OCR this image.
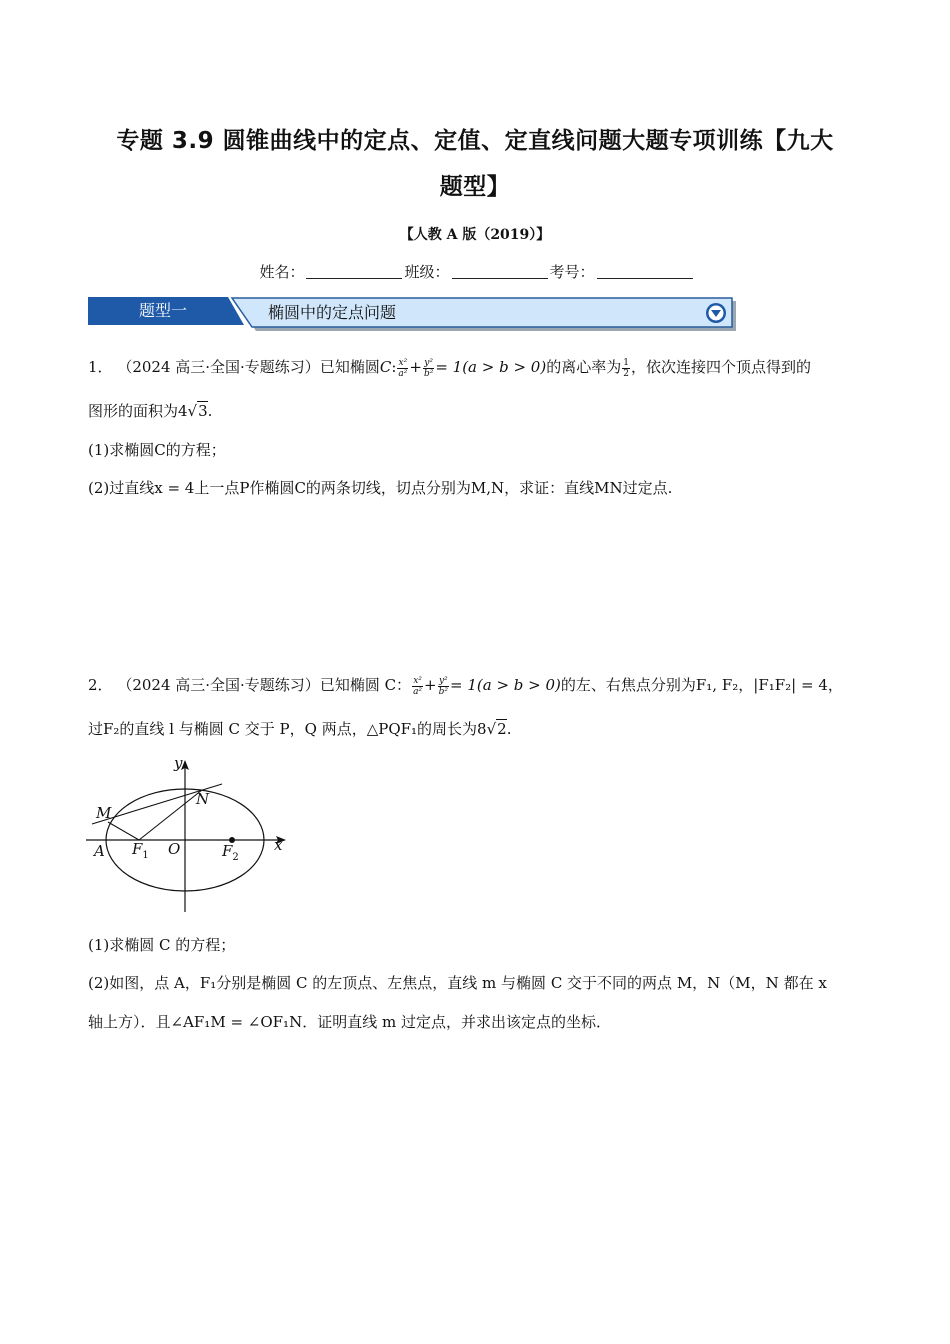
专题 3.9 圆锥曲线中的定点、定值、定直线问题大题专项训练【九大
题型】
【人教 A 版（2019）】
姓名：	班级：	考号：
题型一	椭圆中的定点问题
1． （2024 高三·全国·专题练习）已知椭圆C: $\frac{\text{x²}}{\text{a²}} + \frac{\text{y²}}{\text{b²}} = 1(a > b > 0)$的离心率为 $\frac{1}{2}$ ，依次连接四个顶点得到的
图形的面积为4√3.
(1)求椭圆C的方程；
(2)过直线x = 4上一点P作椭圆C的两条切线，切点分别为M,N，求证：直线MN过定点.
2． （2024 高三·全国·专题练习）已知椭圆 C： $\frac{\text{x²}}{\text{a²}} + \frac{\text{y²}}{\text{b²}} = 1(a > b > 0)$的左、右焦点分别为F₁, F₂，|F₁F₂| = 4，
过F₂的直线 l 与椭圆 C 交于 P，Q 两点，△PQF₁的周长为8√2.
y
x
M
N
A $F_1$ O	$F_2$
(1)求椭圆 C 的方程；
(2)如图，点 A，F₁分别是椭圆 C 的左顶点、左焦点，直线 m 与椭圆 C 交于不同的两点 M，N（M，N 都在 x
轴上方）．且∠AF₁M = ∠OF₁N．证明直线 m 过定点，并求出该定点的坐标．
